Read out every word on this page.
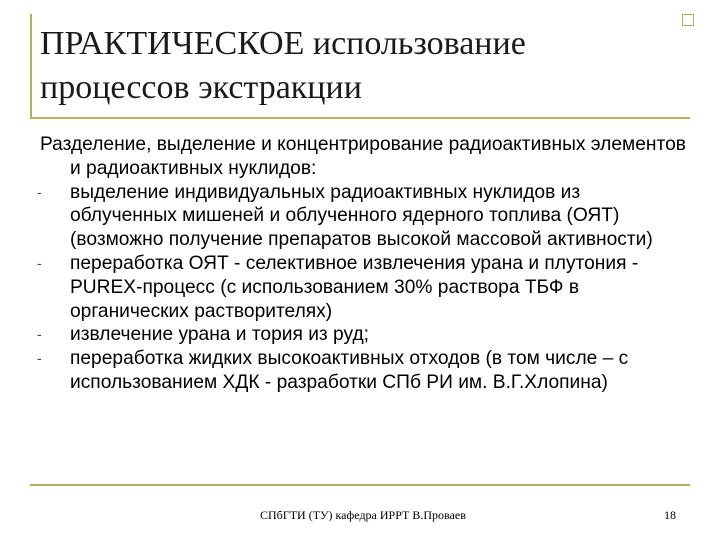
ПРАКТИЧЕСКОЕ использование
процессов экстракции

Разделение, выделение и концентрирование радиоактивных элементов и радиоактивных нуклидов:

-	выделение индивидуальных радиоактивных нуклидов из облученных мишеней и облученного ядерного топлива (ОЯТ) (возможно получение препаратов высокой массовой активности)

-	переработка ОЯТ - селективное извлечения урана и плутония - PUREX-процесс (с использованием 30% раствора ТБФ в органических растворителях)

-	извлечение урана и тория из руд;

-	переработка жидких высокоактивных отходов (в том числе – с использованием ХДК - разработки СПб РИ им. В.Г.Хлопина)

СПбГТИ (ТУ) кафедра ИРРТ В.Проваев	18
